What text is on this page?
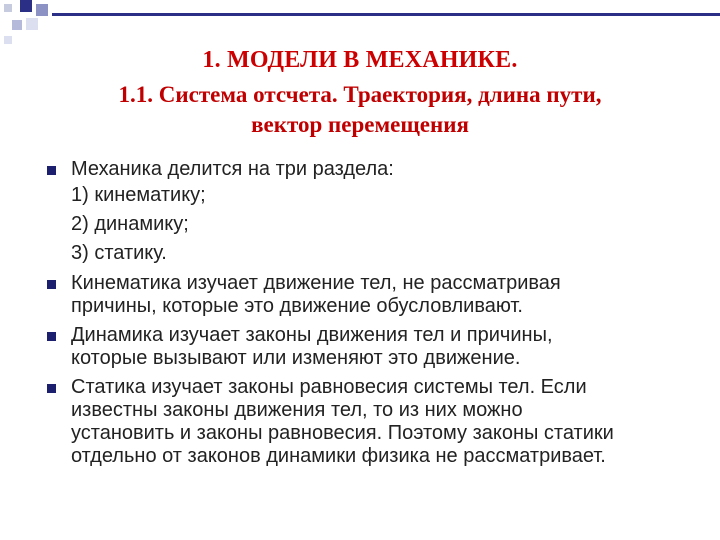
1. МОДЕЛИ В МЕХАНИКЕ.
1.1. Система отсчета. Траектория, длина пути,
вектор перемещения
Механика делится на три раздела:
1) кинематику;
2) динамику;
3) статику.
Кинематика изучает движение тел, не рассматривая
причины, которые это движение обусловливают.
Динамика изучает законы движения тел и причины,
которые вызывают или изменяют это движение.
Статика изучает законы равновесия системы тел. Если
известны законы движения тел, то из них можно
установить и законы равновесия. Поэтому законы статики
отдельно от законов динамики физика не рассматривает.
